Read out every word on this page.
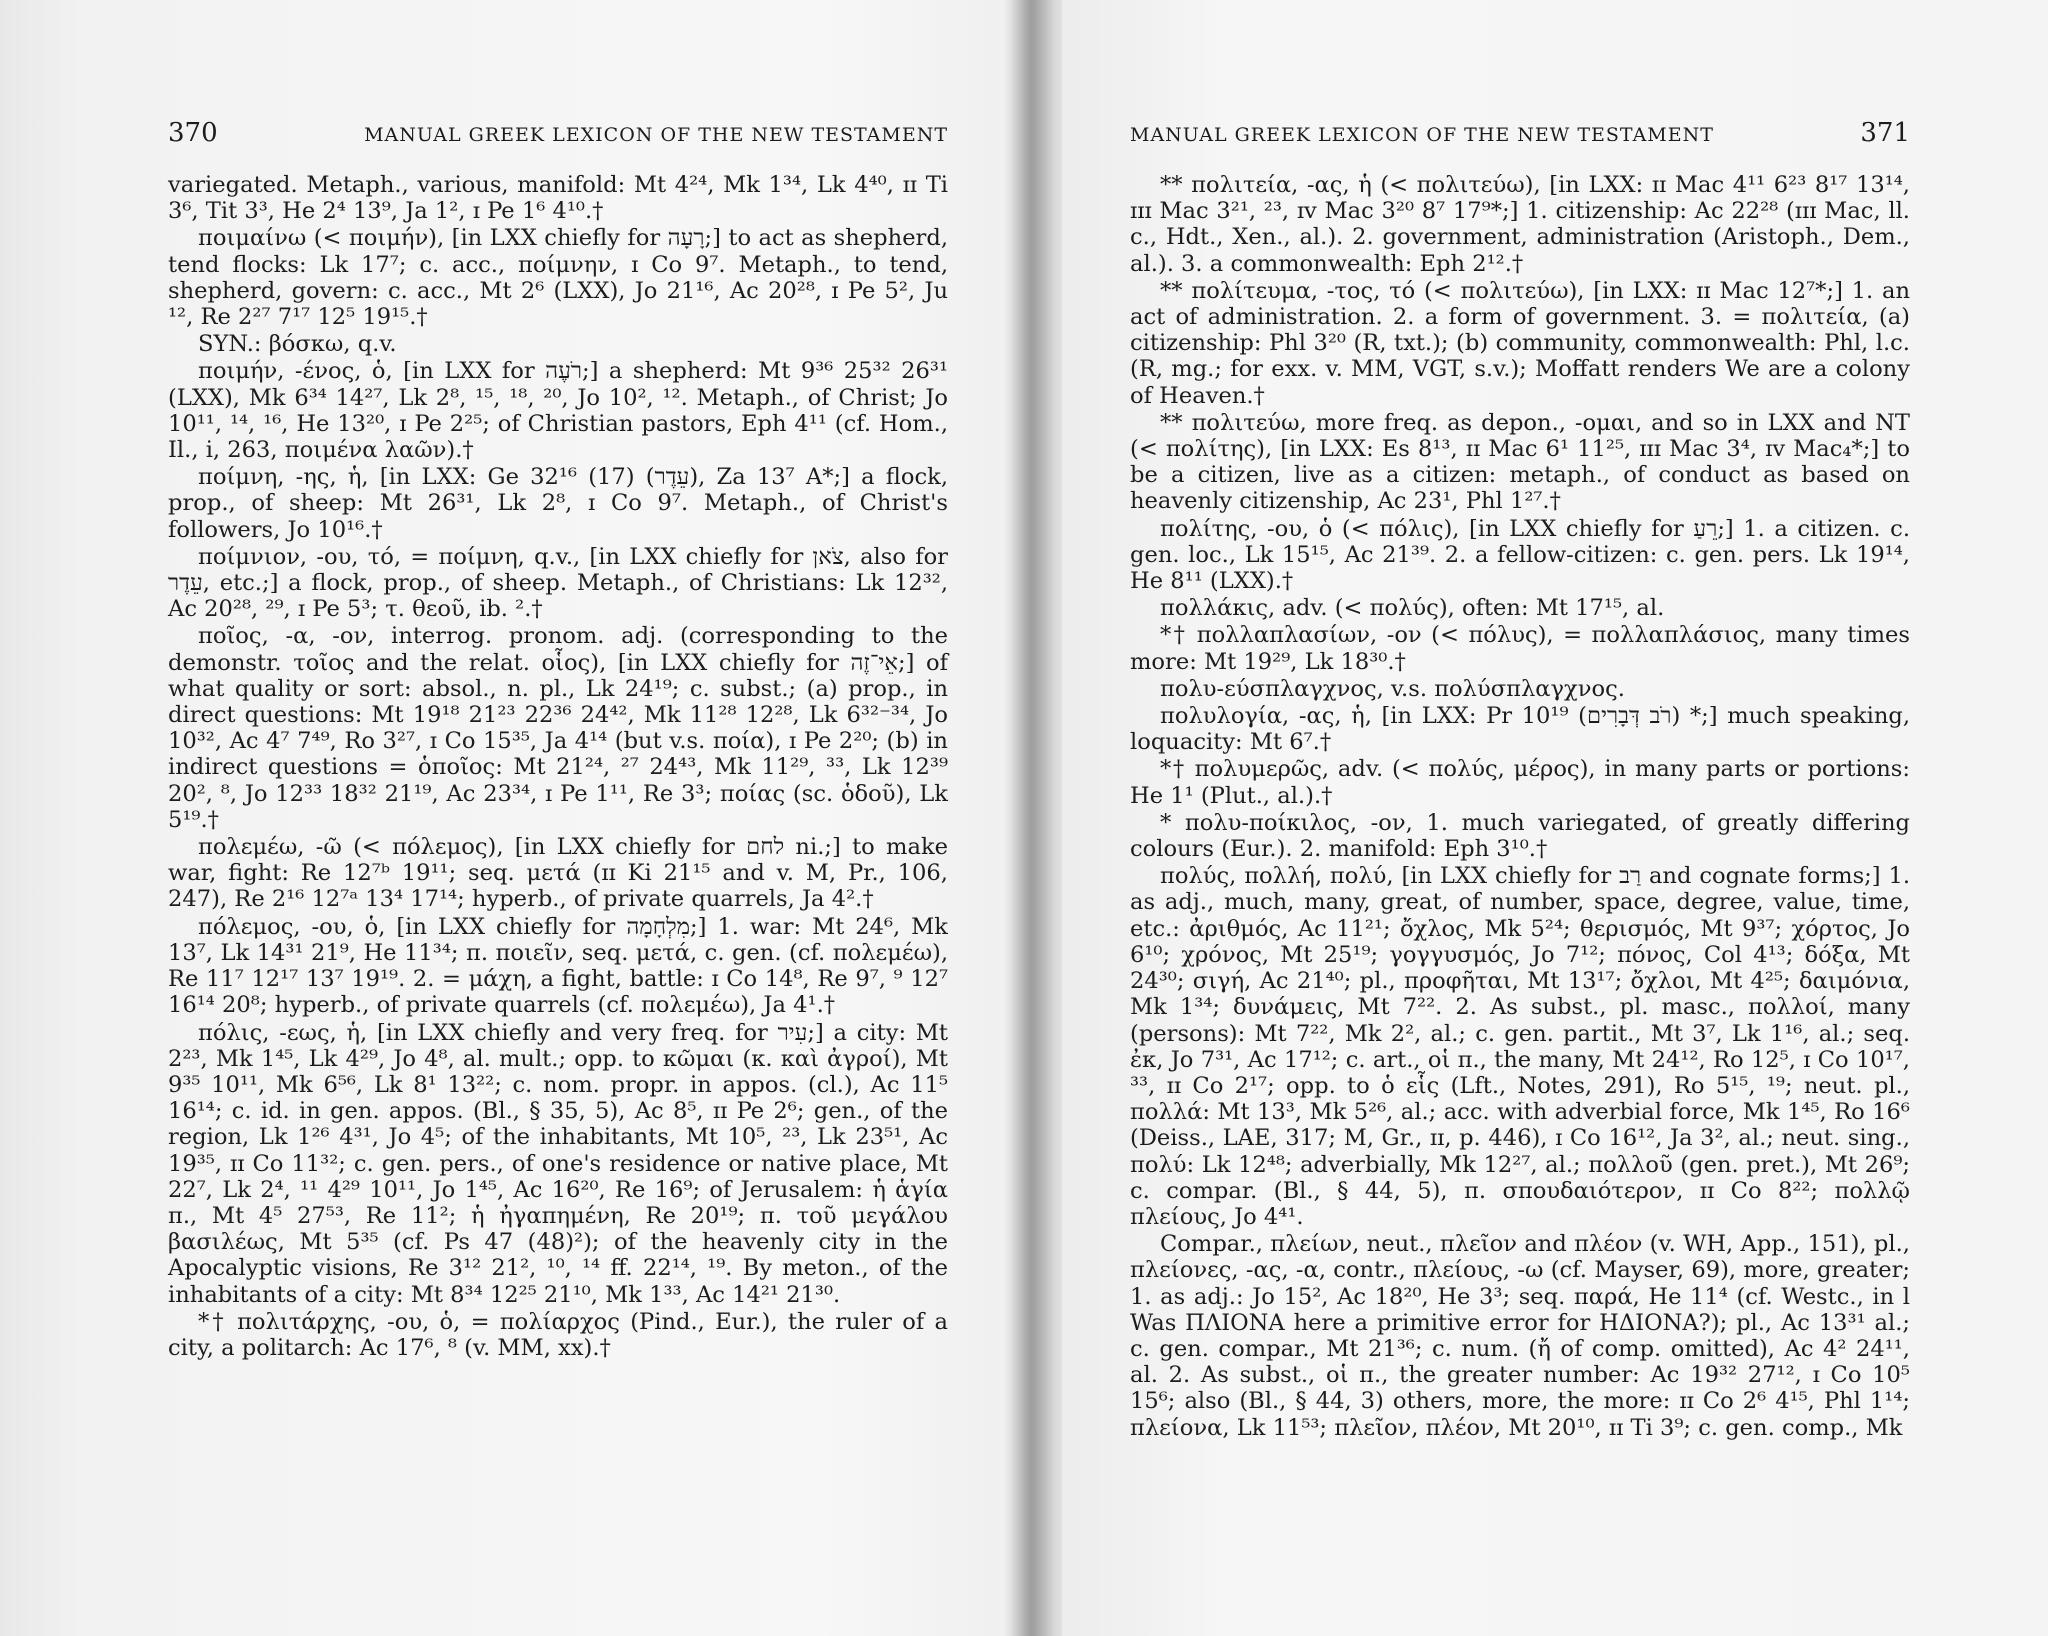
370	MANUAL GREEK LEXICON OF THE NEW TESTAMENT

variegated. Metaph., various, manifold: Mt 4²⁴, Mk 1³⁴, Lk 4⁴⁰, ɪɪ Ti 3⁶, Tit 3³, He 2⁴ 13⁹, Ja 1², ɪ Pe 1⁶ 4¹⁰.†

ποιμαίνω (< ποιμήν), [in LXX chiefly for רָעָה;] to act as shepherd, tend flocks: Lk 17⁷; c. acc., ποίμνην, ɪ Co 9⁷. Metaph., to tend, shepherd, govern: c. acc., Mt 2⁶ (LXX), Jo 21¹⁶, Ac 20²⁸, ɪ Pe 5², Ju ¹², Re 2²⁷ 7¹⁷ 12⁵ 19¹⁵.†

SYN.: βόσκω, q.v.

ποιμήν, -ένος, ὁ, [in LXX for רֹעֶה;] a shepherd: Mt 9³⁶ 25³² 26³¹ (LXX), Mk 6³⁴ 14²⁷, Lk 2⁸, ¹⁵, ¹⁸, ²⁰, Jo 10², ¹². Metaph., of Christ; Jo 10¹¹, ¹⁴, ¹⁶, He 13²⁰, ɪ Pe 2²⁵; of Christian pastors, Eph 4¹¹ (cf. Hom., Il., i, 263, ποιμένα λαῶν).†

ποίμνη, -ης, ἡ, [in LXX: Ge 32¹⁶ (17) (עֵדֶר), Za 13⁷ A*;] a flock, prop., of sheep: Mt 26³¹, Lk 2⁸, ɪ Co 9⁷. Metaph., of Christ's followers, Jo 10¹⁶.†

ποίμνιον, -ου, τό, = ποίμνη, q.v., [in LXX chiefly for צֹאן, also for עֵדֶר, etc.;] a flock, prop., of sheep. Metaph., of Christians: Lk 12³², Ac 20²⁸, ²⁹, ɪ Pe 5³; τ. θεοῦ, ib. ².†

ποῖος, -α, -ον, interrog. pronom. adj. (corresponding to the demonstr. τοῖος and the relat. οἷος), [in LXX chiefly for אֵי־זֶה;] of what quality or sort: absol., n. pl., Lk 24¹⁹; c. subst.; (a) prop., in direct questions: Mt 19¹⁸ 21²³ 22³⁶ 24⁴², Mk 11²⁸ 12²⁸, Lk 6³²⁻³⁴, Jo 10³², Ac 4⁷ 7⁴⁹, Ro 3²⁷, ɪ Co 15³⁵, Ja 4¹⁴ (but v.s. ποία), ɪ Pe 2²⁰; (b) in indirect questions = ὁποῖος: Mt 21²⁴, ²⁷ 24⁴³, Mk 11²⁹, ³³, Lk 12³⁹ 20², ⁸, Jo 12³³ 18³² 21¹⁹, Ac 23³⁴, ɪ Pe 1¹¹, Re 3³; ποίας (sc. ὁδοῦ), Lk 5¹⁹.†

πολεμέω, -ῶ (< πόλεμος), [in LXX chiefly for לחם ni.;] to make war, fight: Re 12⁷ᵇ 19¹¹; seq. μετά (ɪɪ Ki 21¹⁵ and v. M, Pr., 106, 247), Re 2¹⁶ 12⁷ᵃ 13⁴ 17¹⁴; hyperb., of private quarrels, Ja 4².†

πόλεμος, -ου, ὁ, [in LXX chiefly for מִלְחָמָה;] 1. war: Mt 24⁶, Mk 13⁷, Lk 14³¹ 21⁹, He 11³⁴; π. ποιεῖν, seq. μετά, c. gen. (cf. πολεμέω), Re 11⁷ 12¹⁷ 13⁷ 19¹⁹. 2. = μάχη, a fight, battle: ɪ Co 14⁸, Re 9⁷, ⁹ 12⁷ 16¹⁴ 20⁸; hyperb., of private quarrels (cf. πολεμέω), Ja 4¹.†

πόλις, -εως, ἡ, [in LXX chiefly and very freq. for עִיר;] a city: Mt 2²³, Mk 1⁴⁵, Lk 4²⁹, Jo 4⁸, al. mult.; opp. to κῶμαι (κ. καὶ ἀγροί), Mt 9³⁵ 10¹¹, Mk 6⁵⁶, Lk 8¹ 13²²; c. nom. propr. in appos. (cl.), Ac 11⁵ 16¹⁴; c. id. in gen. appos. (Bl., § 35, 5), Ac 8⁵, ɪɪ Pe 2⁶; gen., of the region, Lk 1²⁶ 4³¹, Jo 4⁵; of the inhabitants, Mt 10⁵, ²³, Lk 23⁵¹, Ac 19³⁵, ɪɪ Co 11³²; c. gen. pers., of one's residence or native place, Mt 22⁷, Lk 2⁴, ¹¹ 4²⁹ 10¹¹, Jo 1⁴⁵, Ac 16²⁰, Re 16⁹; of Jerusalem: ἡ ἁγία π., Mt 4⁵ 27⁵³, Re 11²; ἡ ἠγαπημένη, Re 20¹⁹; π. τοῦ μεγάλου βασιλέως, Mt 5³⁵ (cf. Ps 47 (48)²); of the heavenly city in the Apocalyptic visions, Re 3¹² 21², ¹⁰, ¹⁴ ff. 22¹⁴, ¹⁹. By meton., of the inhabitants of a city: Mt 8³⁴ 12²⁵ 21¹⁰, Mk 1³³, Ac 14²¹ 21³⁰.

*† πολιτάρχης, -ου, ὁ, = πολίαρχος (Pind., Eur.), the ruler of a city, a politarch: Ac 17⁶, ⁸ (v. MM, xx).†

MANUAL GREEK LEXICON OF THE NEW TESTAMENT	371

** πολιτεία, -ας, ἡ (< πολιτεύω), [in LXX: ɪɪ Mac 4¹¹ 6²³ 8¹⁷ 13¹⁴, ɪɪɪ Mac 3²¹, ²³, ɪᴠ Mac 3²⁰ 8⁷ 17⁹*;] 1. citizenship: Ac 22²⁸ (ɪɪɪ Mac, ll. c., Hdt., Xen., al.). 2. government, administration (Aristoph., Dem., al.). 3. a commonwealth: Eph 2¹².†

** πολίτευμα, -τος, τό (< πολιτεύω), [in LXX: ɪɪ Mac 12⁷*;] 1. an act of administration. 2. a form of government. 3. = πολιτεία, (a) citizenship: Phl 3²⁰ (R, txt.); (b) community, commonwealth: Phl, l.c. (R, mg.; for exx. v. MM, VGT, s.v.); Moffatt renders We are a colony of Heaven.†

** πολιτεύω, more freq. as depon., -ομαι, and so in LXX and NT (< πολίτης), [in LXX: Es 8¹³, ɪɪ Mac 6¹ 11²⁵, ɪɪɪ Mac 3⁴, ɪᴠ Mac₄*;] to be a citizen, live as a citizen: metaph., of conduct as based on heavenly citizenship, Ac 23¹, Phl 1²⁷.†

πολίτης, -ου, ὁ (< πόλις), [in LXX chiefly for רֵעַ;] 1. a citizen. c. gen. loc., Lk 15¹⁵, Ac 21³⁹. 2. a fellow-citizen: c. gen. pers. Lk 19¹⁴, He 8¹¹ (LXX).†

πολλάκις, adv. (< πολύς), often: Mt 17¹⁵, al.

*† πολλαπλασίων, -ον (< πόλυς), = πολλαπλάσιος, many times more: Mt 19²⁹, Lk 18³⁰.†

πολυ-εύσπλαγχνος, v.s. πολύσπλαγχνος.

πολυλογία, -ας, ἡ, [in LXX: Pr 10¹⁹ (רֹב דְּבָרִים) *;] much speaking, loquacity: Mt 6⁷.†

*† πολυμερῶς, adv. (< πολύς, μέρος), in many parts or portions: He 1¹ (Plut., al.).†

* πολυ-ποίκιλος, -ον, 1. much variegated, of greatly differing colours (Eur.). 2. manifold: Eph 3¹⁰.†

πολύς, πολλή, πολύ, [in LXX chiefly for רַב and cognate forms;] 1. as adj., much, many, great, of number, space, degree, value, time, etc.: ἀριθμός, Ac 11²¹; ὄχλος, Mk 5²⁴; θερισμός, Mt 9³⁷; χόρτος, Jo 6¹⁰; χρόνος, Mt 25¹⁹; γογγυσμός, Jo 7¹²; πόνος, Col 4¹³; δόξα, Mt 24³⁰; σιγή, Ac 21⁴⁰; pl., προφῆται, Mt 13¹⁷; ὄχλοι, Mt 4²⁵; δαιμόνια, Mk 1³⁴; δυνάμεις, Mt 7²². 2. As subst., pl. masc., πολλοί, many (persons): Mt 7²², Mk 2², al.; c. gen. partit., Mt 3⁷, Lk 1¹⁶, al.; seq. ἐκ, Jo 7³¹, Ac 17¹²; c. art., οἱ π., the many, Mt 24¹², Ro 12⁵, ɪ Co 10¹⁷, ³³, ɪɪ Co 2¹⁷; opp. to ὁ εἷς (Lft., Notes, 291), Ro 5¹⁵, ¹⁹; neut. pl., πολλά: Mt 13³, Mk 5²⁶, al.; acc. with adverbial force, Mk 1⁴⁵, Ro 16⁶ (Deiss., LAE, 317; M, Gr., ɪɪ, p. 446), ɪ Co 16¹², Ja 3², al.; neut. sing., πολύ: Lk 12⁴⁸; adverbially, Mk 12²⁷, al.; πολλοῦ (gen. pret.), Mt 26⁹; c. compar. (Bl., § 44, 5), π. σπουδαιότερον, ɪɪ Co 8²²; πολλῷ πλείους, Jo 4⁴¹.

Compar., πλείων, neut., πλεῖον and πλέον (v. WH, App., 151), pl., πλείονες, -ας, -α, contr., πλείους, -ω (cf. Mayser, 69), more, greater; 1. as adj.: Jo 15², Ac 18²⁰, He 3³; seq. παρά, He 11⁴ (cf. Westc., in l Was ΠΛΙΟΝΑ here a primitive error for ΗΔΙΟΝΑ?); pl., Ac 13³¹ al.; c. gen. compar., Mt 21³⁶; c. num. (ἤ of comp. omitted), Ac 4² 24¹¹, al. 2. As subst., οἱ π., the greater number: Ac 19³² 27¹², ɪ Co 10⁵ 15⁶; also (Bl., § 44, 3) others, more, the more: ɪɪ Co 2⁶ 4¹⁵, Phl 1¹⁴; πλείονα, Lk 11⁵³; πλεῖον, πλέον, Mt 20¹⁰, ɪɪ Ti 3⁹; c. gen. comp., Mk
